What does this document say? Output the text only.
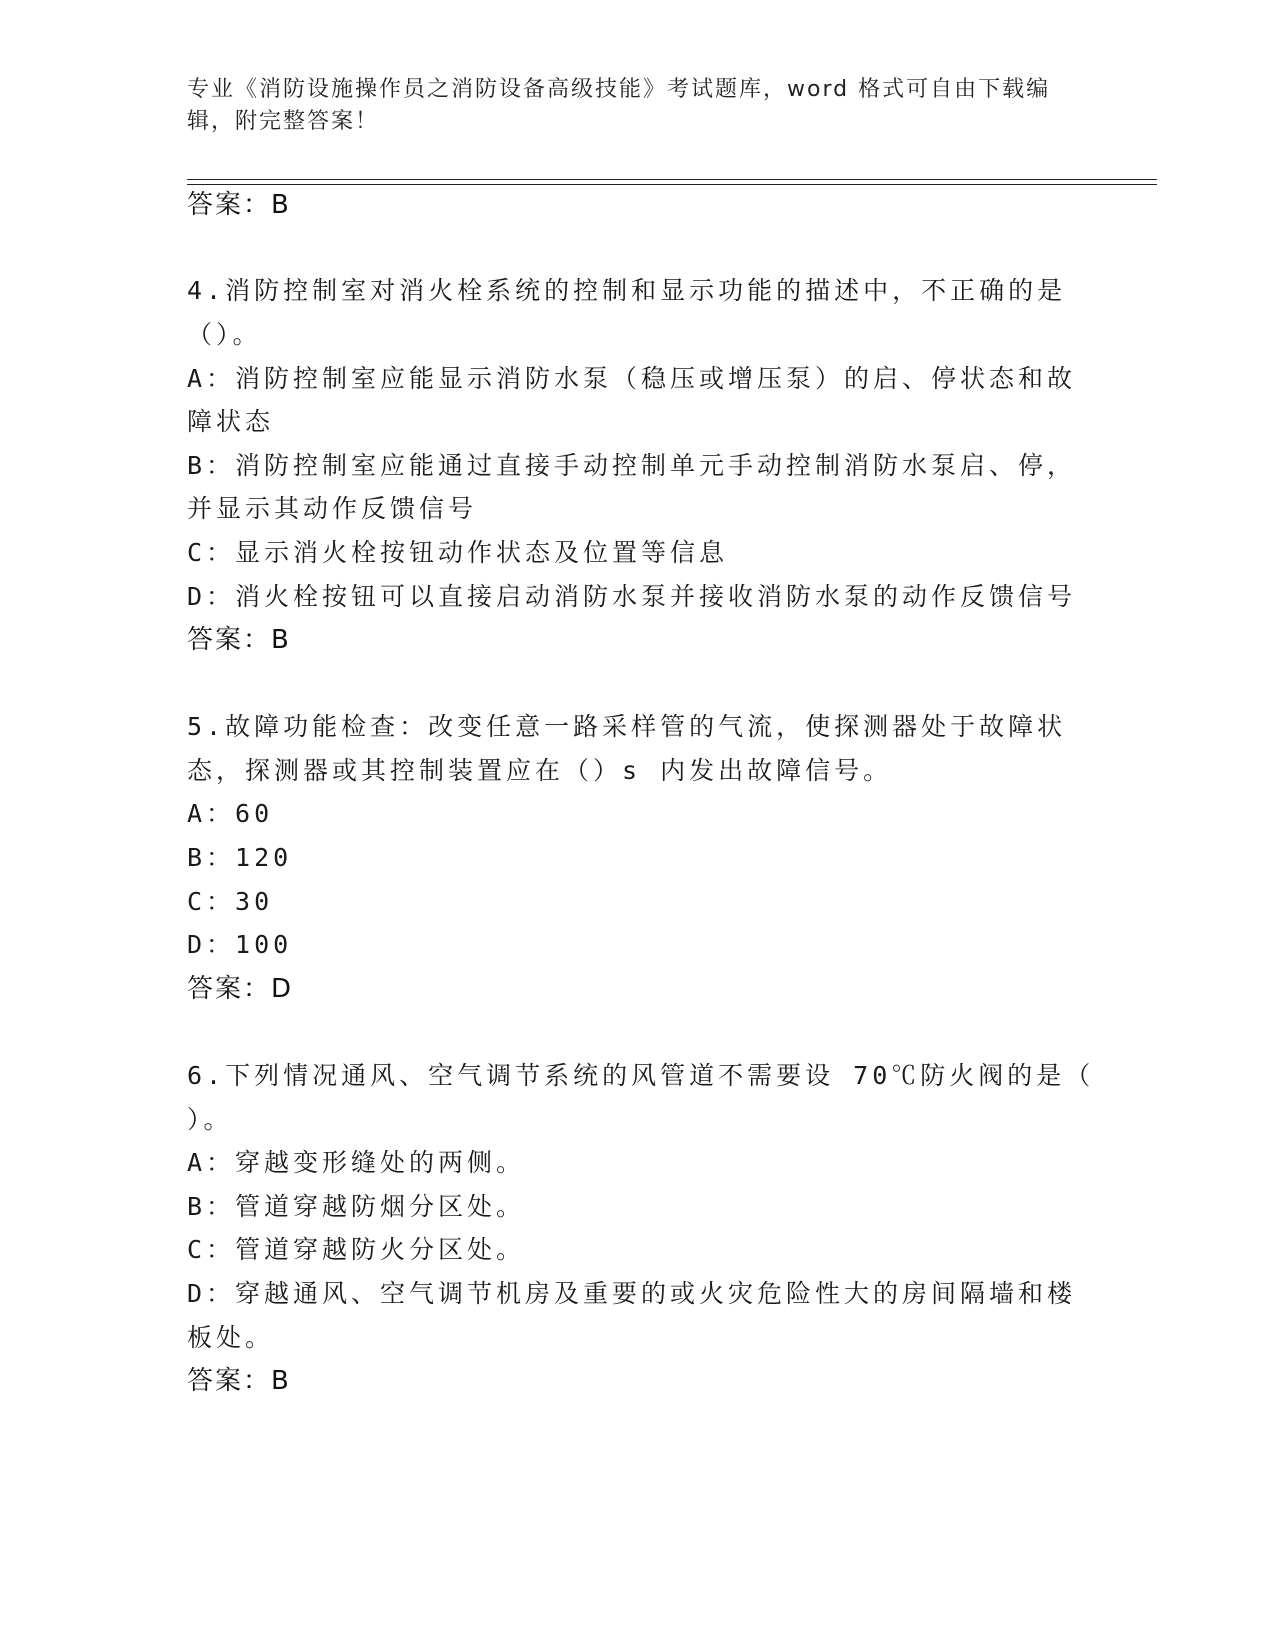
专业《消防设施操作员之消防设备高级技能》考试题库，word 格式可自由下载编
辑，附完整答案！
答案：B
4.消防控制室对消火栓系统的控制和显示功能的描述中，不正确的是
（）。
A：消防控制室应能显示消防水泵（稳压或增压泵）的启、停状态和故
障状态
B：消防控制室应能通过直接手动控制单元手动控制消防水泵启、停，
并显示其动作反馈信号
C：显示消火栓按钮动作状态及位置等信息
D：消火栓按钮可以直接启动消防水泵并接收消防水泵的动作反馈信号
答案：B
5.故障功能检查：改变任意一路采样管的气流，使探测器处于故障状
态，探测器或其控制装置应在（）s 内发出故障信号。
A：60
B：120
C：30
D：100
答案：D
6.下列情况通风、空气调节系统的风管道不需要设 70℃防火阀的是（
）。
A：穿越变形缝处的两侧。
B：管道穿越防烟分区处。
C：管道穿越防火分区处。
D：穿越通风、空气调节机房及重要的或火灾危险性大的房间隔墙和楼
板处。
答案：B
